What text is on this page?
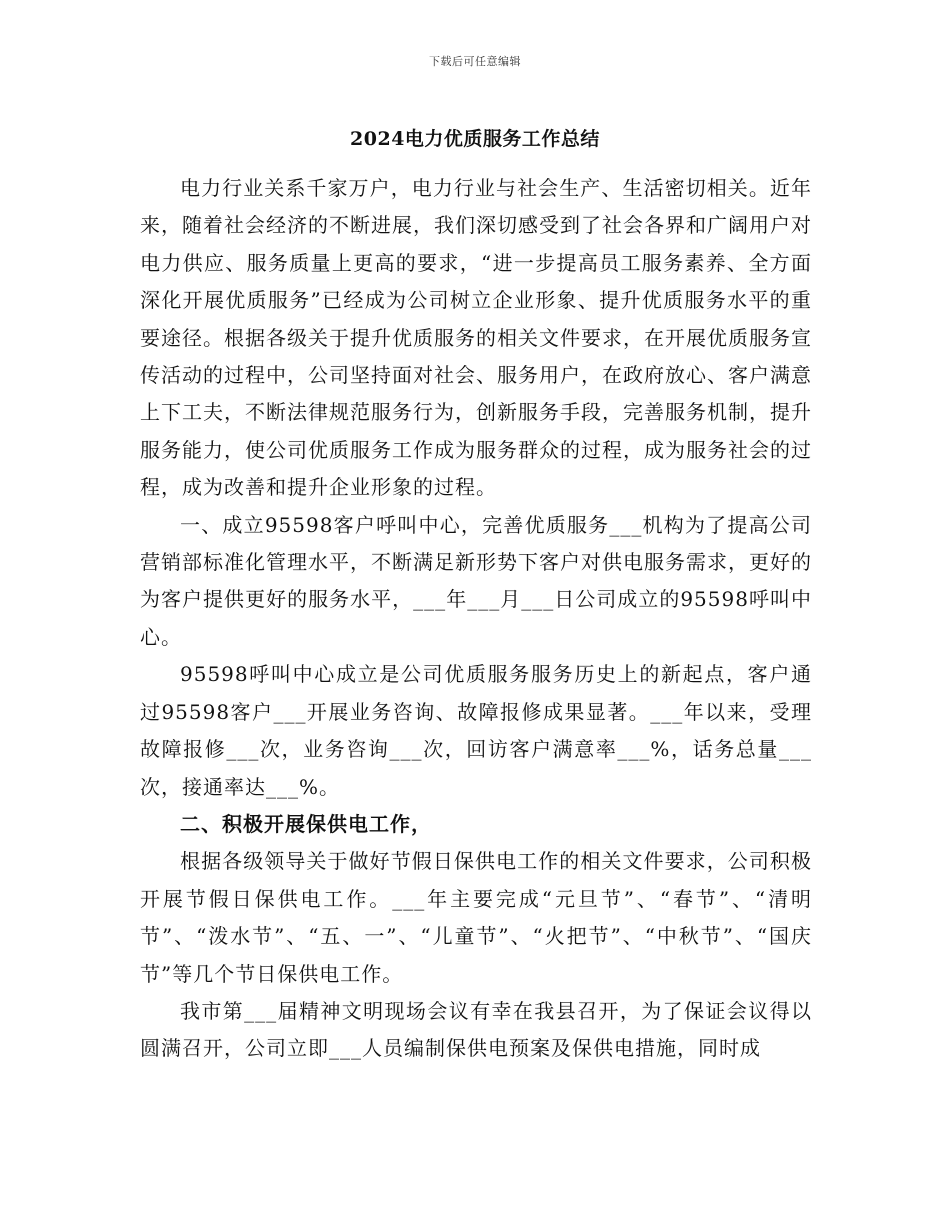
下载后可任意编辑
2024电力优质服务工作总结

电力行业关系千家万户，电力行业与社会生产、生活密切相关。近年来，随着社会经济的不断进展，我们深切感受到了社会各界和广阔用户对电力供应、服务质量上更高的要求，“进一步提高员工服务素养、全方面深化开展优质服务”已经成为公司树立企业形象、提升优质服务水平的重要途径。根据各级关于提升优质服务的相关文件要求，在开展优质服务宣传活动的过程中，公司坚持面对社会、服务用户，在政府放心、客户满意上下工夫，不断法律规范服务行为，创新服务手段，完善服务机制，提升服务能力，使公司优质服务工作成为服务群众的过程，成为服务社会的过程，成为改善和提升企业形象的过程。

一、成立95598客户呼叫中心，完善优质服务___机构为了提高公司营销部标准化管理水平，不断满足新形势下客户对供电服务需求，更好的为客户提供更好的服务水平，___年___月___日公司成立的95598呼叫中心。

95598呼叫中心成立是公司优质服务服务历史上的新起点，客户通过95598客户___开展业务咨询、故障报修成果显著。___年以来，受理故障报修___次，业务咨询___次，回访客户满意率___%，话务总量___次，接通率达___%。

二、积极开展保供电工作，

根据各级领导关于做好节假日保供电工作的相关文件要求，公司积极开展节假日保供电工作。___年主要完成“元旦节”、“春节”、“清明节”、“泼水节”、“五、一”、“儿童节”、“火把节”、“中秋节”、“国庆节”等几个节日保供电工作。

我市第___届精神文明现场会议有幸在我县召开，为了保证会议得以圆满召开，公司立即___人员编制保供电预案及保供电措施，同时成
